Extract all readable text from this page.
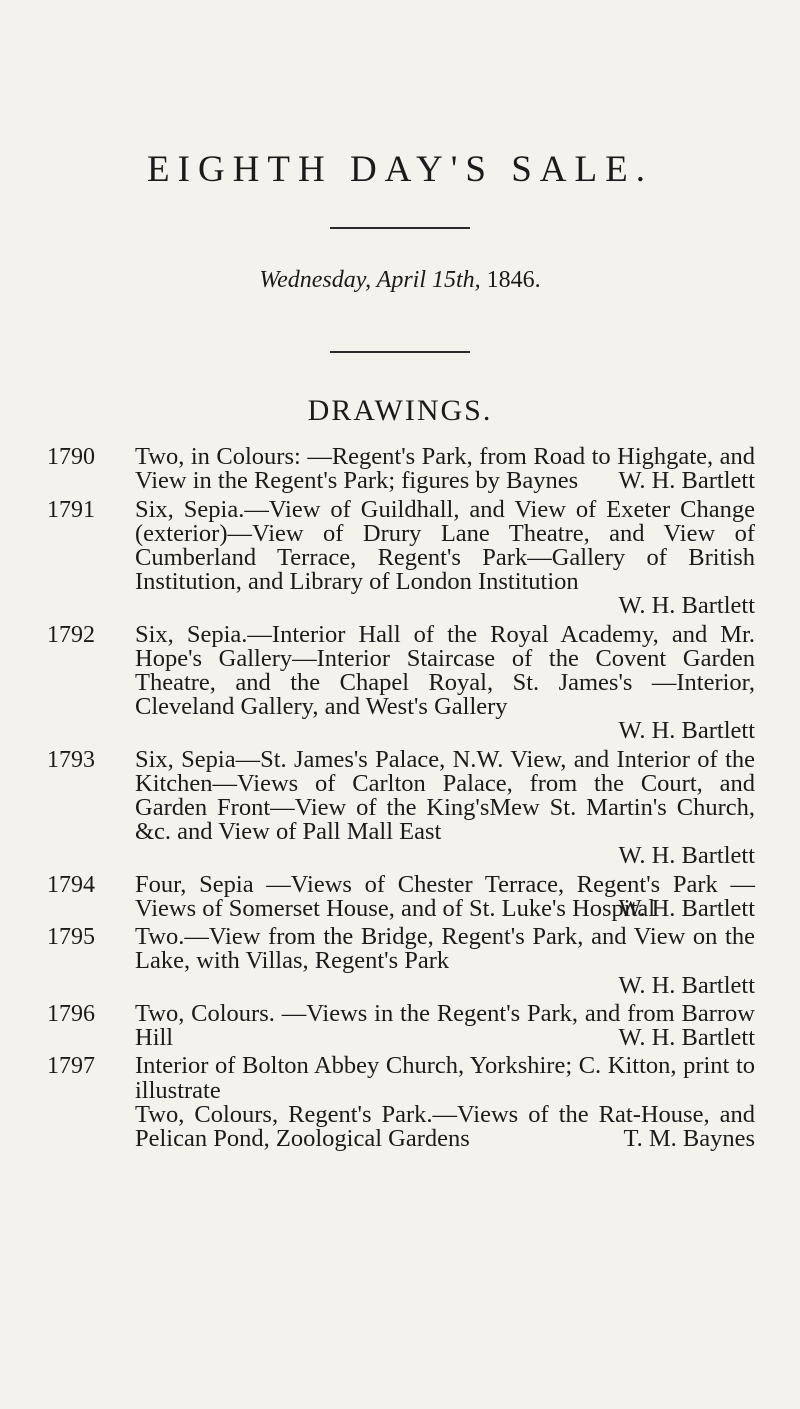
EIGHTH DAY'S SALE.
Wednesday, April 15th, 1846.
DRAWINGS.
1790	Two, in Colours: —Regent's Park, from Road to Highgate, and View in the Regent's Park; figures by Baynes	W. H. Bartlett
1791	Six, Sepia.—View of Guildhall, and View of Exeter Change (exterior)—View of Drury Lane Theatre, and View of Cumberland Terrace, Regent's Park—Gallery of British Institution, and Library of London Institution
W. H. Bartlett
1792	Six, Sepia.—Interior Hall of the Royal Academy, and Mr. Hope's Gallery—Interior Staircase of the Covent Garden Theatre, and the Chapel Royal, St. James's —Interior, Cleveland Gallery, and West's Gallery
W. H. Bartlett
1793	Six, Sepia—St. James's Palace, N.W. View, and Interior of the Kitchen—Views of Carlton Palace, from the Court, and Garden Front—View of the King'sMew St. Martin's Church, &c. and View of Pall Mall East
W. H. Bartlett
1794	Four, Sepia —Views of Chester Terrace, Regent's Park —Views of Somerset House, and of St. Luke's Hospital
W. H. Bartlett
1795	Two.—View from the Bridge, Regent's Park, and View on the Lake, with Villas, Regent's Park
W. H. Bartlett
1796	Two, Colours. —Views in the Regent's Park, and from Barrow Hill	W. H. Bartlett
1797	Interior of Bolton Abbey Church, Yorkshire; C. Kitton, print to illustrate
Two, Colours, Regent's Park.—Views of the Rat-House, and Pelican Pond, Zoological Gardens	T. M. Baynes
